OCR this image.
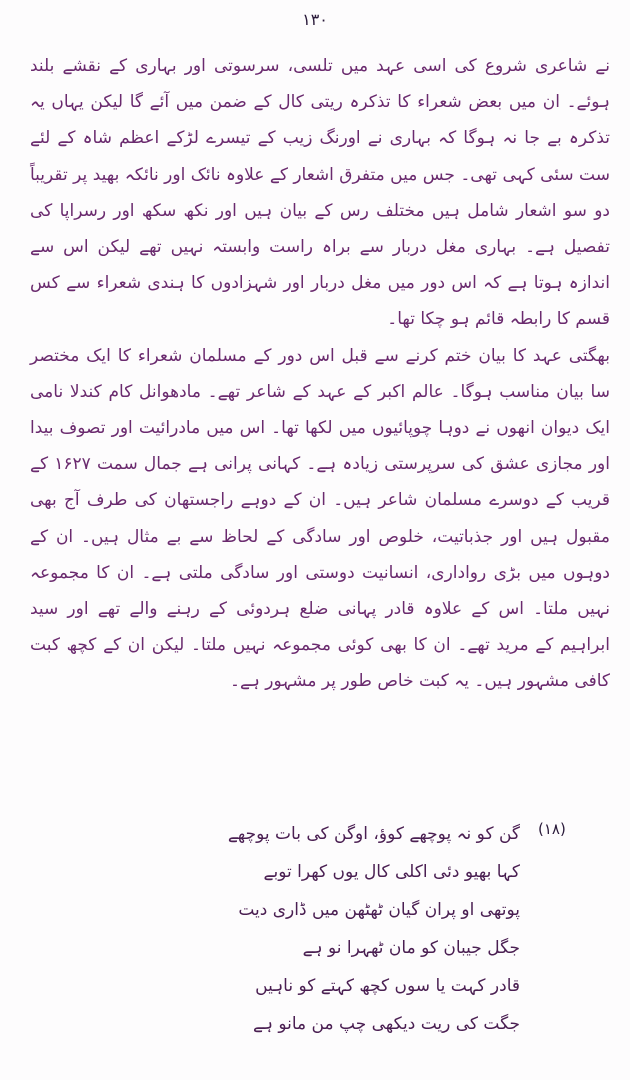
۱۳۰

نے شاعری شروع کی اسی عہد میں تلسی، سرسوتی اور بہاری کے نقشے بلند ہوئے۔ ان میں بعض شعراء کا تذکرہ ریتی کال کے ضمن میں آئے گا لیکن یہاں یہ تذکرہ بے جا نہ ہوگا کہ بہاری نے اورنگ زیب کے تیسرے لڑکے اعظم شاہ کے لئے ست سئی کہی تھی۔ جس میں متفرق اشعار کے علاوہ نائک اور نائکہ بھید پر تقریباً دو سو اشعار شامل ہیں مختلف رس کے بیان ہیں اور نکھ سکھ اور رسراپا کی تفصیل ہے۔ بہاری مغل دربار سے براہ راست وابستہ نہیں تھے لیکن اس سے اندازہ ہوتا ہے کہ اس دور میں مغل دربار اور شہزادوں کا ہندی شعراء سے کس قسم کا رابطہ قائم ہو چکا تھا۔

بھگتی عہد کا بیان ختم کرنے سے قبل اس دور کے مسلمان شعراء کا ایک مختصر سا بیان مناسب ہوگا۔ عالم اکبر کے عہد کے شاعر تھے۔ مادھوانل کام کندلا نامی ایک دیوان انھوں نے دوہا چوپائیوں میں لکھا تھا۔ اس میں مادرائیت اور تصوف بیدا اور مجازی عشق کی سرپرستی زیادہ ہے۔ کہانی پرانی ہے جمال سمت ۱۶۲۷ کے قریب کے دوسرے مسلمان شاعر ہیں۔ ان کے دوہے راجستھان کی طرف آج بھی مقبول ہیں اور جذباتیت، خلوص اور سادگی کے لحاظ سے بے مثال ہیں۔ ان کے دوہوں میں بڑی رواداری، انسانیت دوستی اور سادگی ملتی ہے۔ ان کا مجموعہ نہیں ملتا۔ اس کے علاوہ قادر پہانی ضلع ہردوئی کے رہنے والے تھے اور سید ابراہیم کے مرید تھے۔ ان کا بھی کوئی مجموعہ نہیں ملتا۔ لیکن ان کے کچھ کبت کافی مشہور ہیں۔ یہ کبت خاص طور پر مشہور ہے۔

(۱۸)
گن کو نہ پوچھے کوؤ، اوگن کی بات پوچھے
کہا بھیو دئی اکلی کال یوں کھرا توبے
پوتھی او پران گیان ٹھٹھن میں ڈاری دیت
جگل جیبان کو مان ٹھہرا نو ہے
قادر کہت یا سوں کچھ کہتے کو ناہیں
جگت کی ریت دیکھی چپ من مانو ہے
